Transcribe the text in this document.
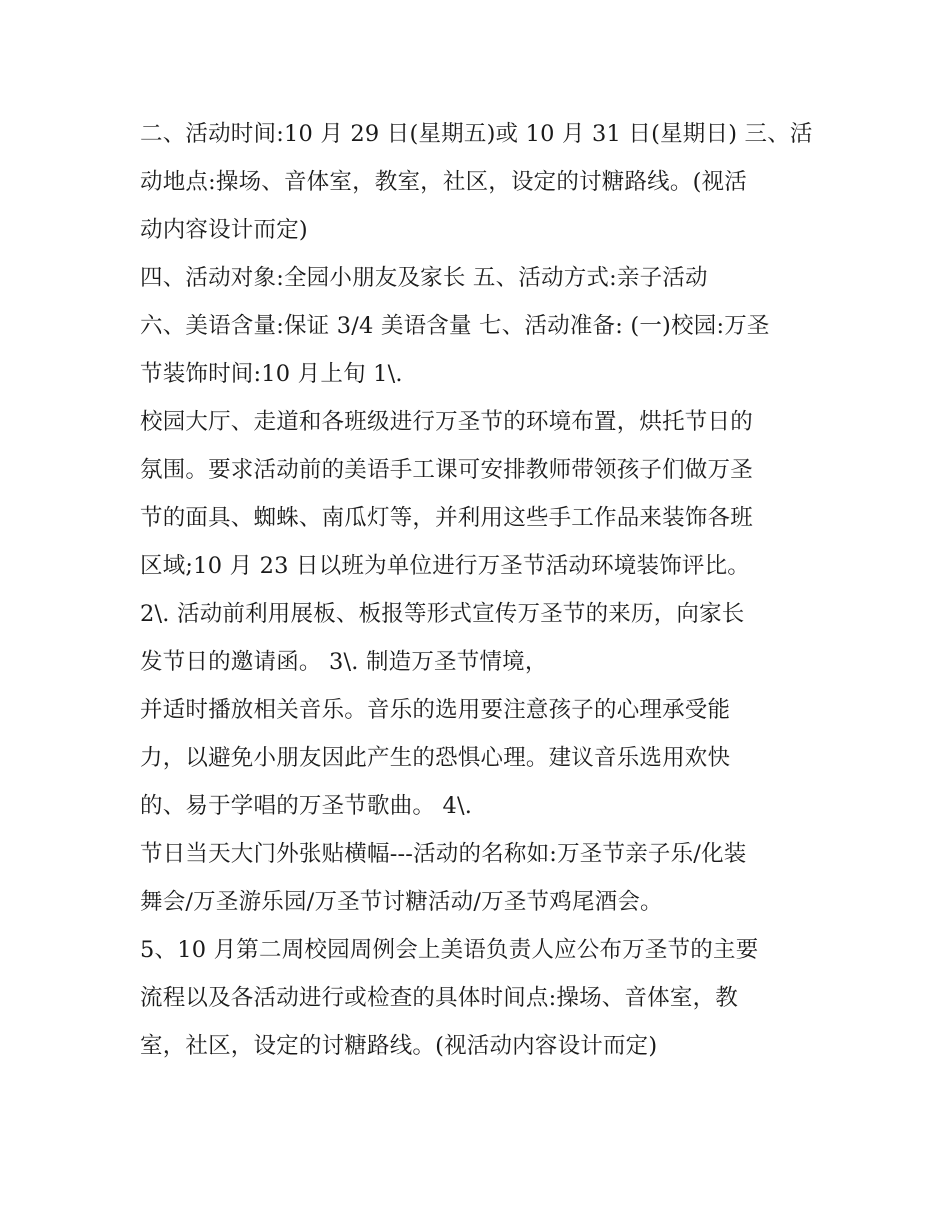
二、活动时间:10 月 29 日(星期五)或 10 月 31 日(星期日) 三、活
动地点:操场、音体室，教室，社区，设定的讨糖路线。(视活
动内容设计而定)
四、活动对象:全园小朋友及家长 五、活动方式:亲子活动
六、美语含量:保证 3/4 美语含量 七、活动准备: (一)校园:万圣
节装饰时间:10 月上旬 1\.
校园大厅、走道和各班级进行万圣节的环境布置，烘托节日的
氛围。要求活动前的美语手工课可安排教师带领孩子们做万圣
节的面具、蜘蛛、南瓜灯等，并利用这些手工作品来装饰各班
区域;10 月 23 日以班为单位进行万圣节活动环境装饰评比。
2\. 活动前利用展板、板报等形式宣传万圣节的来历，向家长
发节日的邀请函。 3\. 制造万圣节情境，
并适时播放相关音乐。音乐的选用要注意孩子的心理承受能
力，以避免小朋友因此产生的恐惧心理。建议音乐选用欢快
的、易于学唱的万圣节歌曲。 4\.
节日当天大门外张贴横幅---活动的名称如:万圣节亲子乐/化装
舞会/万圣游乐园/万圣节讨糖活动/万圣节鸡尾酒会。
5、10 月第二周校园周例会上美语负责人应公布万圣节的主要
流程以及各活动进行或检查的具体时间点:操场、音体室，教
室，社区，设定的讨糖路线。(视活动内容设计而定)
